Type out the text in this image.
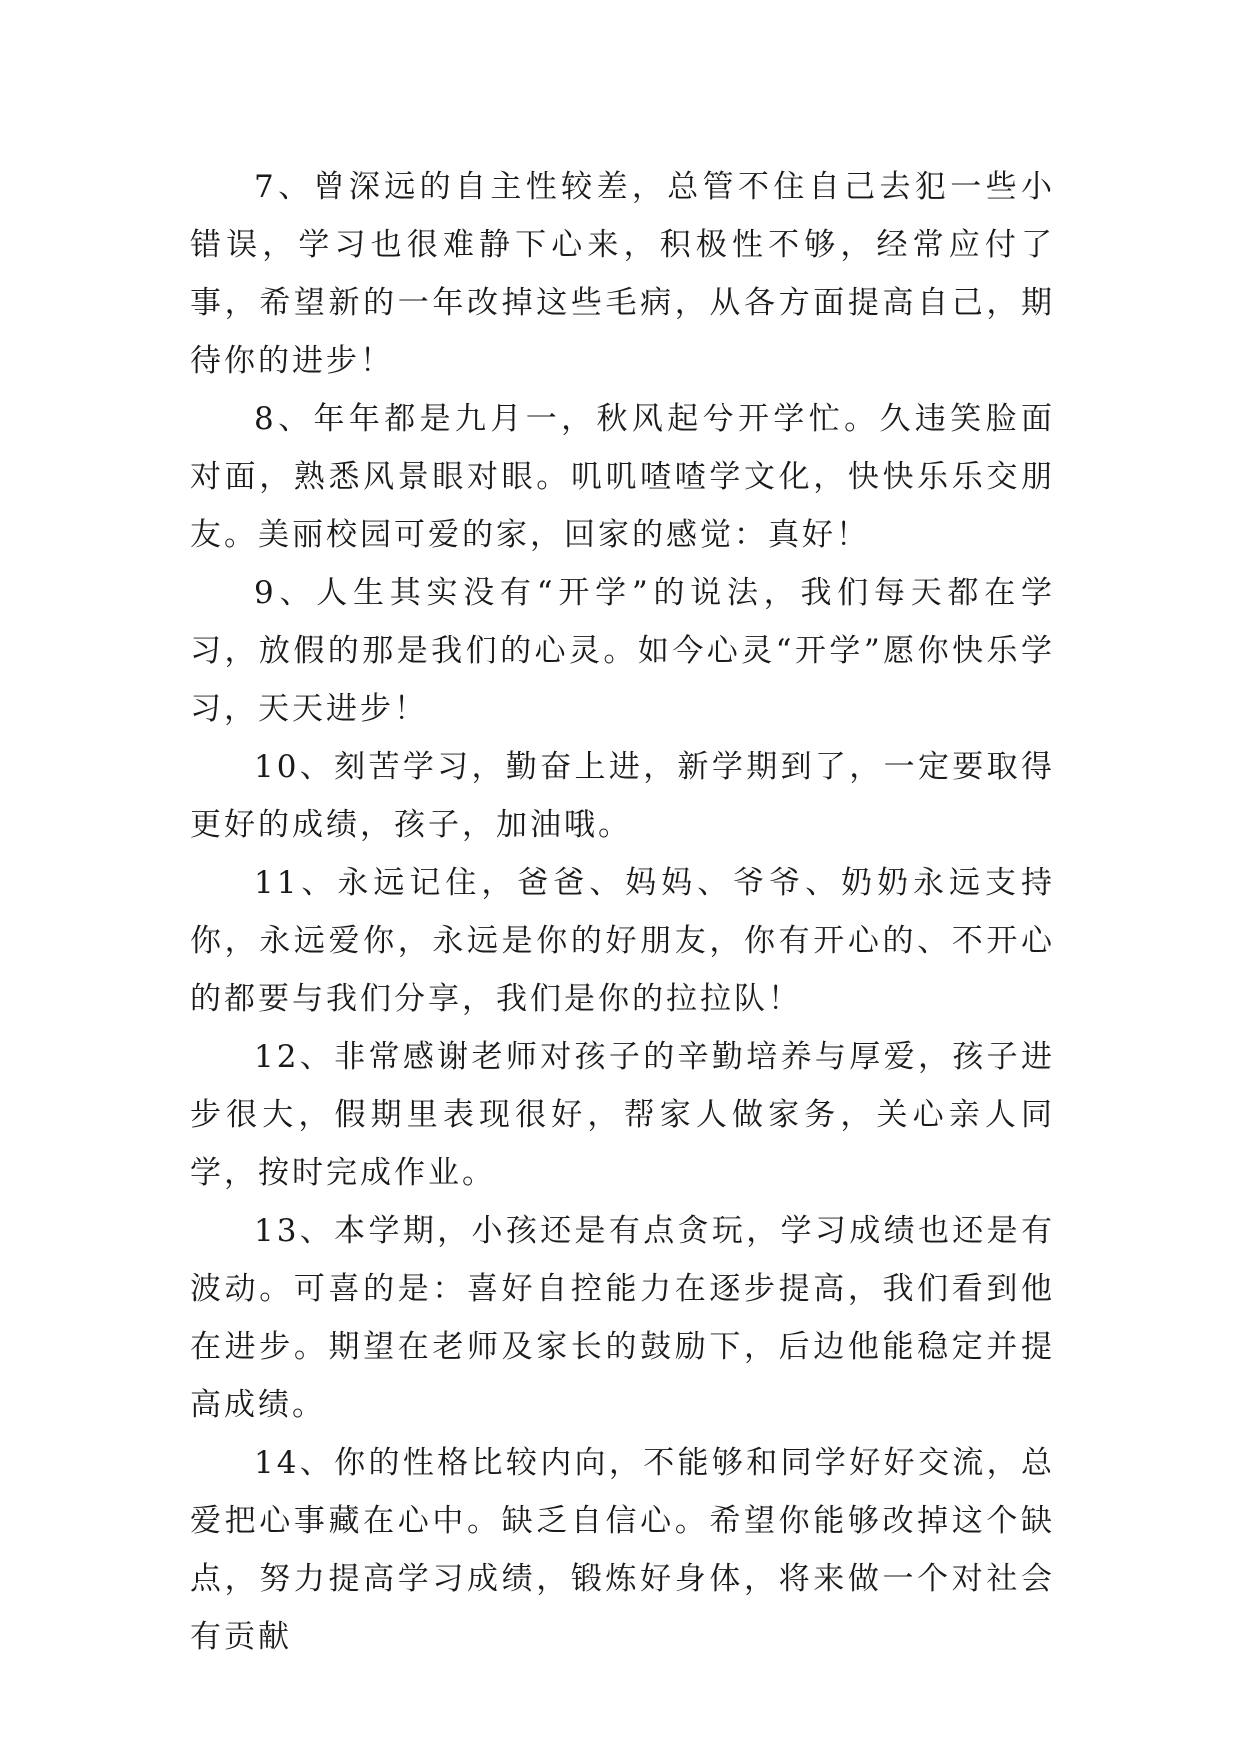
7、曾深远的自主性较差，总管不住自己去犯一些小错误，学习也很难静下心来，积极性不够，经常应付了事，希望新的一年改掉这些毛病，从各方面提高自己，期待你的进步！

8、年年都是九月一，秋风起兮开学忙。久违笑脸面对面，熟悉风景眼对眼。叽叽喳喳学文化，快快乐乐交朋友。美丽校园可爱的家，回家的感觉：真好！

9、人生其实没有“开学”的说法，我们每天都在学习，放假的那是我们的心灵。如今心灵“开学”愿你快乐学习，天天进步！

10、刻苦学习，勤奋上进，新学期到了，一定要取得更好的成绩，孩子，加油哦。

11、永远记住，爸爸、妈妈、爷爷、奶奶永远支持你，永远爱你，永远是你的好朋友，你有开心的、不开心的都要与我们分享，我们是你的拉拉队！

12、非常感谢老师对孩子的辛勤培养与厚爱，孩子进步很大，假期里表现很好，帮家人做家务，关心亲人同学，按时完成作业。

13、本学期，小孩还是有点贪玩，学习成绩也还是有波动。可喜的是：喜好自控能力在逐步提高，我们看到他在进步。期望在老师及家长的鼓励下，后边他能稳定并提高成绩。

14、你的性格比较内向，不能够和同学好好交流，总爱把心事藏在心中。缺乏自信心。希望你能够改掉这个缺点，努力提高学习成绩，锻炼好身体，将来做一个对社会有贡献
